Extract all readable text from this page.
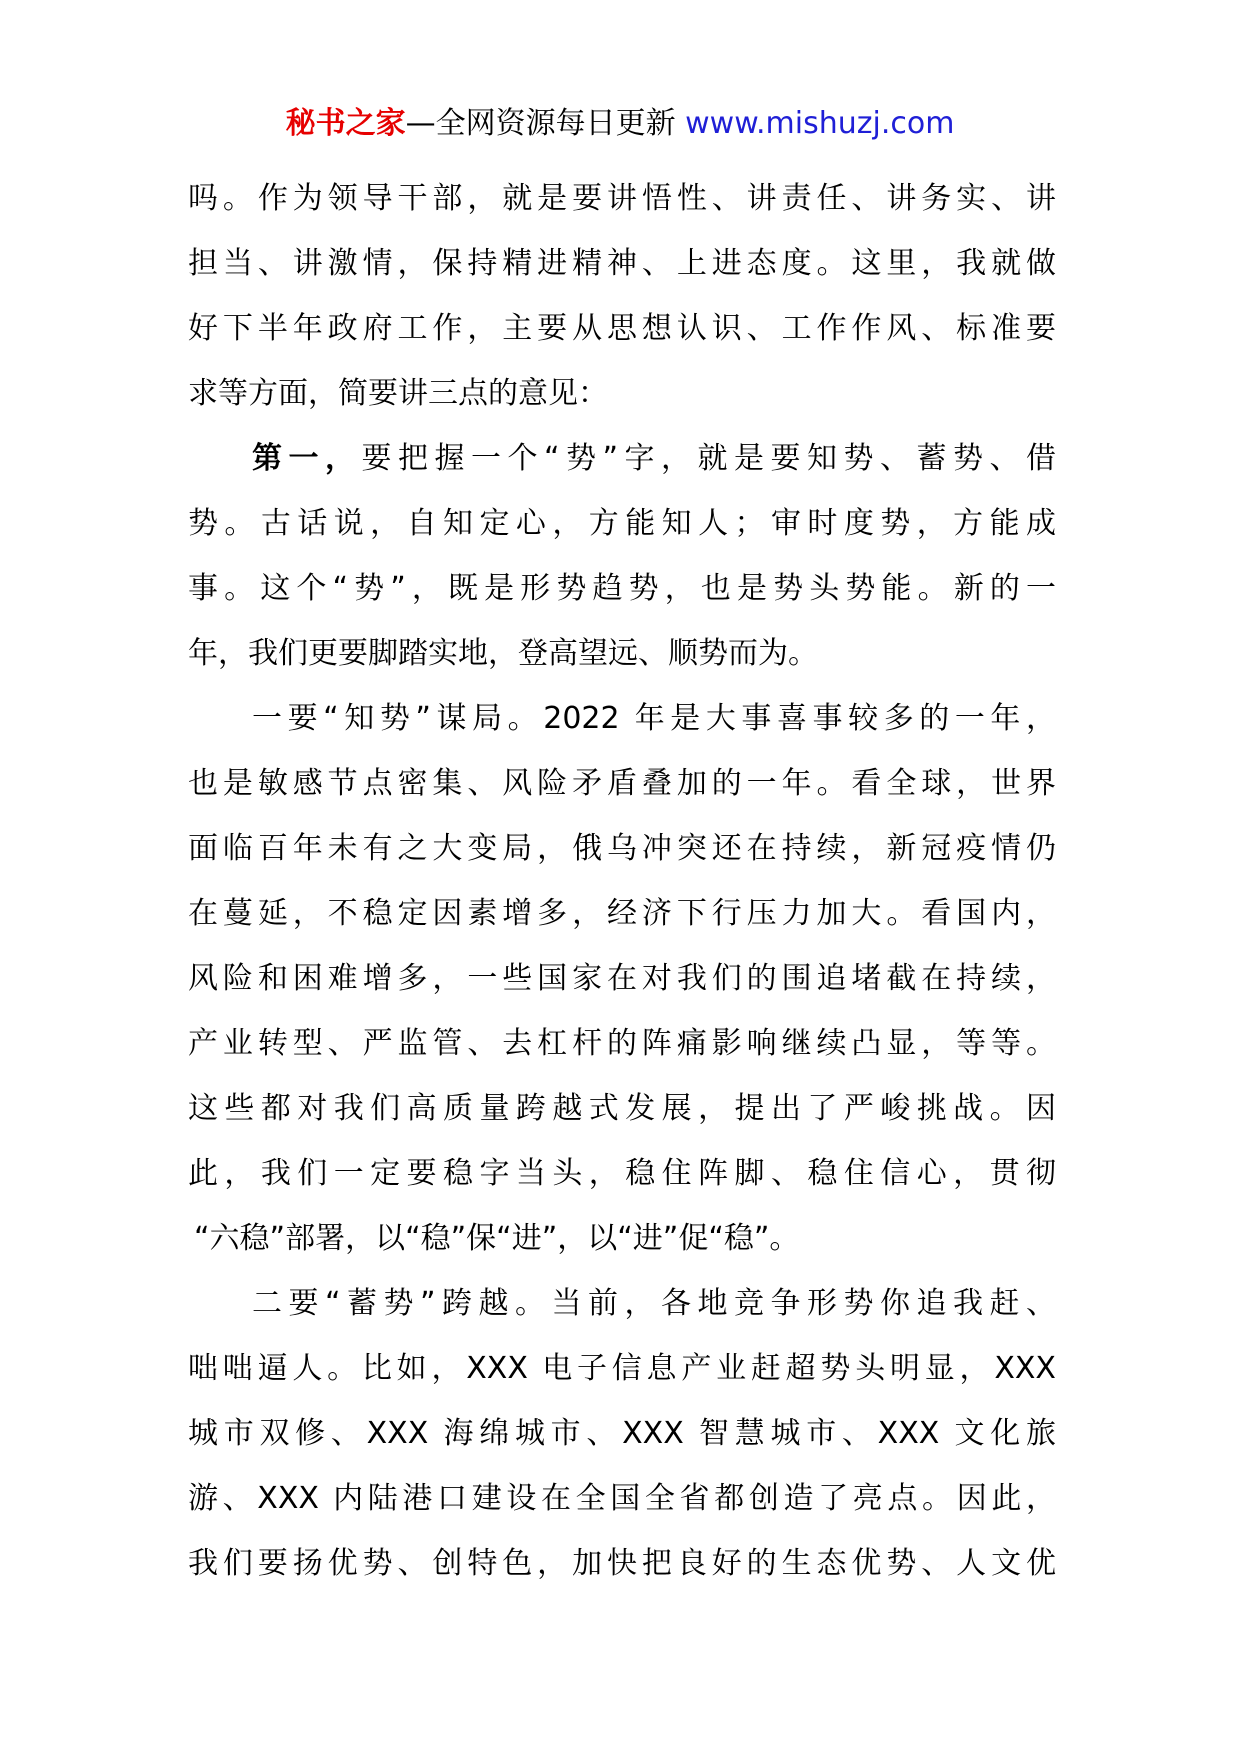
秘书之家—全网资源每日更新 www.mishuzj.com
吗。作为领导干部，就是要讲悟性、讲责任、讲务实、讲
担当、讲激情，保持精进精神、上进态度。这里，我就做
好下半年政府工作，主要从思想认识、工作作风、标准要
求等方面，简要讲三点的意见：
第一，要把握一个“势”字，就是要知势、蓄势、借
势。古话说，自知定心，方能知人；审时度势，方能成
事。这个“势”，既是形势趋势，也是势头势能。新的一
年，我们更要脚踏实地，登高望远、顺势而为。
一要“知势”谋局。2022 年是大事喜事较多的一年，
也是敏感节点密集、风险矛盾叠加的一年。看全球，世界
面临百年未有之大变局，俄乌冲突还在持续，新冠疫情仍
在蔓延，不稳定因素增多，经济下行压力加大。看国内，
风险和困难增多，一些国家在对我们的围追堵截在持续，
产业转型、严监管、去杠杆的阵痛影响继续凸显，等等。
这些都对我们高质量跨越式发展，提出了严峻挑战。因
此，我们一定要稳字当头，稳住阵脚、稳住信心，贯彻
“六稳”部署，以“稳”保“进”，以“进”促“稳”。
二要“蓄势”跨越。当前，各地竞争形势你追我赶、
咄咄逼人。比如，XXX 电子信息产业赶超势头明显，XXX
城市双修、XXX 海绵城市、XXX 智慧城市、XXX 文化旅
游、XXX 内陆港口建设在全国全省都创造了亮点。因此，
我们要扬优势、创特色，加快把良好的生态优势、人文优
